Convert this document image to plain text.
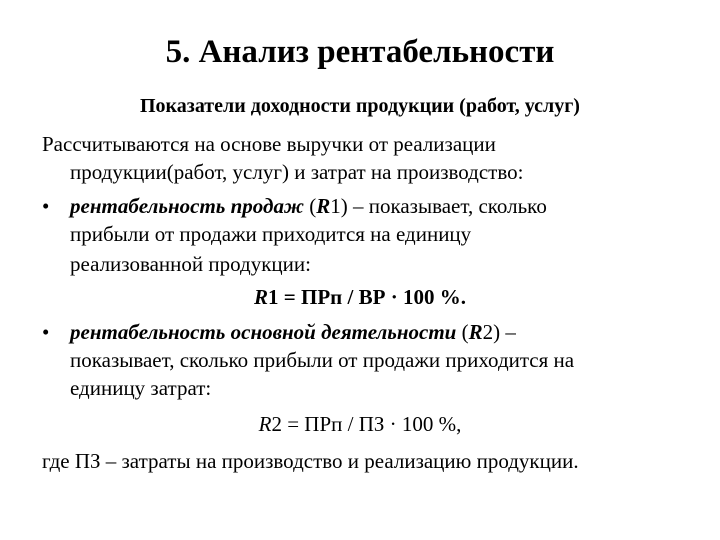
5. Анализ рентабельности
Показатели доходности продукции (работ, услуг)
Рассчитываются на основе выручки от реализации
продукции(работ, услуг) и затрат на производство:
• рентабельность продаж (R1) – показывает, сколько
прибыли от продажи приходится на единицу
реализованной продукции:
R1 = ПРп / ВР · 100 %.
• рентабельность основной деятельности (R2) –
показывает, сколько прибыли от продажи приходится на
единицу затрат:
R2 = ПРп / ПЗ · 100 %,
где ПЗ – затраты на производство и реализацию продукции.
